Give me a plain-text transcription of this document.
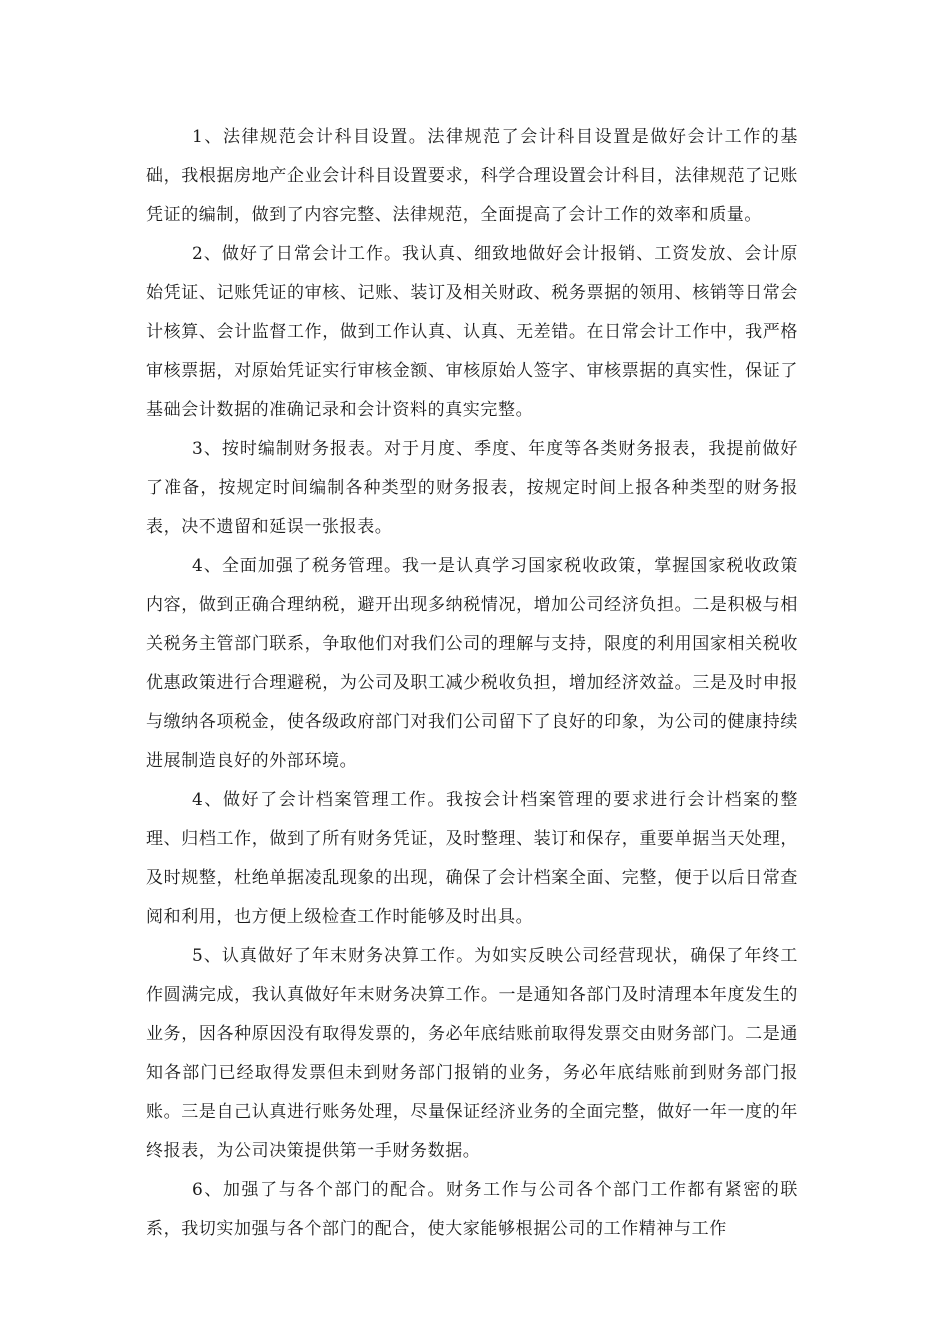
1、法律规范会计科目设置。法律规范了会计科目设置是做好会计工作的基础，我根据房地产企业会计科目设置要求，科学合理设置会计科目，法律规范了记账凭证的编制，做到了内容完整、法律规范，全面提高了会计工作的效率和质量。

2、做好了日常会计工作。我认真、细致地做好会计报销、工资发放、会计原始凭证、记账凭证的审核、记账、装订及相关财政、税务票据的领用、核销等日常会计核算、会计监督工作，做到工作认真、认真、无差错。在日常会计工作中，我严格审核票据，对原始凭证实行审核金额、审核原始人签字、审核票据的真实性，保证了基础会计数据的准确记录和会计资料的真实完整。

3、按时编制财务报表。对于月度、季度、年度等各类财务报表，我提前做好了准备，按规定时间编制各种类型的财务报表，按规定时间上报各种类型的财务报表，决不遗留和延误一张报表。

4、全面加强了税务管理。我一是认真学习国家税收政策，掌握国家税收政策内容，做到正确合理纳税，避开出现多纳税情况，增加公司经济负担。二是积极与相关税务主管部门联系，争取他们对我们公司的理解与支持，限度的利用国家相关税收优惠政策进行合理避税，为公司及职工减少税收负担，增加经济效益。三是及时申报与缴纳各项税金，使各级政府部门对我们公司留下了良好的印象，为公司的健康持续进展制造良好的外部环境。

4、做好了会计档案管理工作。我按会计档案管理的要求进行会计档案的整理、归档工作，做到了所有财务凭证，及时整理、装订和保存，重要单据当天处理，及时规整，杜绝单据凌乱现象的出现，确保了会计档案全面、完整，便于以后日常查阅和利用，也方便上级检查工作时能够及时出具。

5、认真做好了年末财务决算工作。为如实反映公司经营现状，确保了年终工作圆满完成，我认真做好年末财务决算工作。一是通知各部门及时清理本年度发生的业务，因各种原因没有取得发票的，务必年底结账前取得发票交由财务部门。二是通知各部门已经取得发票但未到财务部门报销的业务，务必年底结账前到财务部门报账。三是自己认真进行账务处理，尽量保证经济业务的全面完整，做好一年一度的年终报表，为公司决策提供第一手财务数据。

6、加强了与各个部门的配合。财务工作与公司各个部门工作都有紧密的联系，我切实加强与各个部门的配合，使大家能够根据公司的工作精神与工作
